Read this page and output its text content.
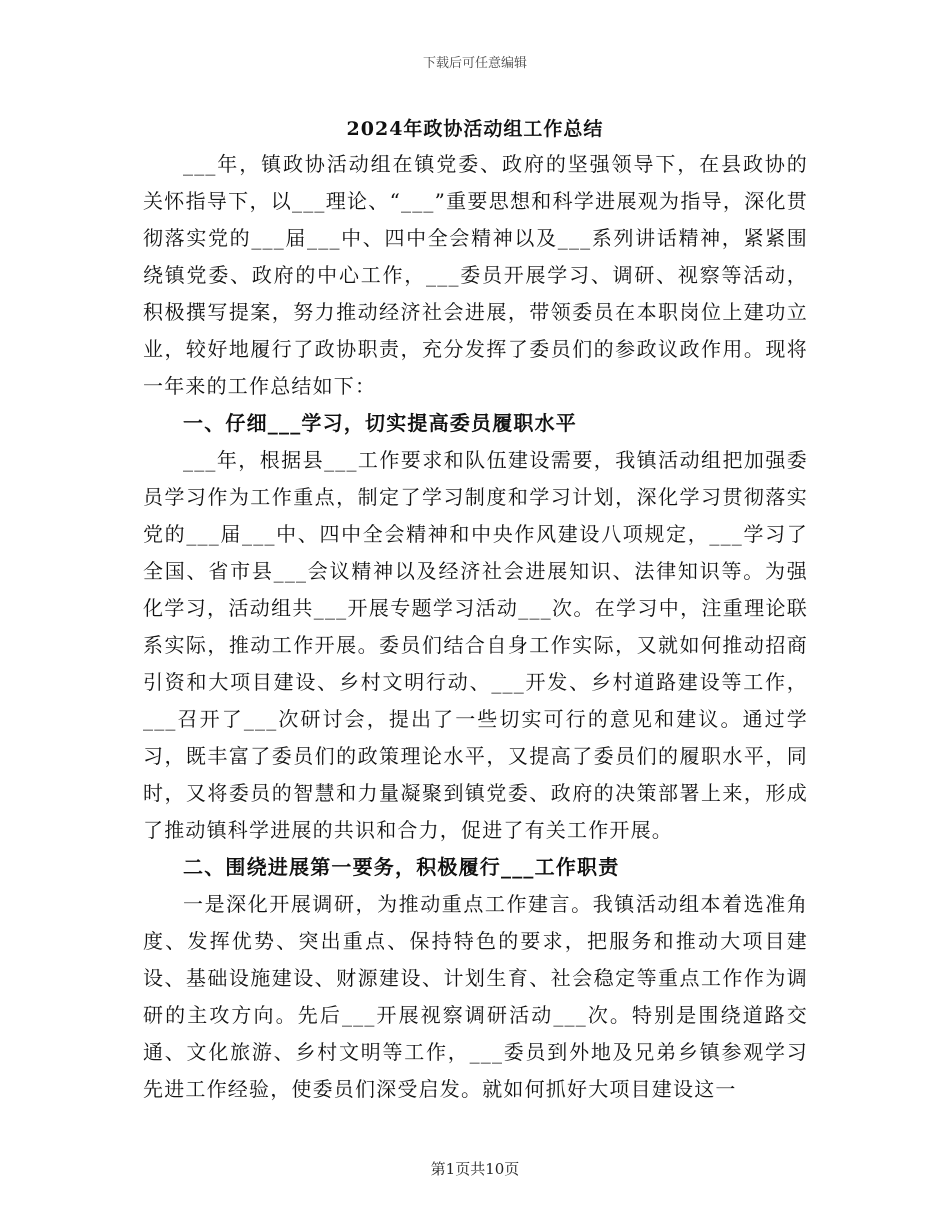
下载后可任意编辑
2024年政协活动组工作总结

___年，镇政协活动组在镇党委、政府的坚强领导下，在县政协的关怀指导下，以___理论、“___”重要思想和科学进展观为指导，深化贯彻落实党的___届___中、四中全会精神以及___系列讲话精神，紧紧围绕镇党委、政府的中心工作，___委员开展学习、调研、视察等活动，积极撰写提案，努力推动经济社会进展，带领委员在本职岗位上建功立业，较好地履行了政协职责，充分发挥了委员们的参政议政作用。现将一年来的工作总结如下：

一、仔细___学习，切实提高委员履职水平

___年，根据县___工作要求和队伍建设需要，我镇活动组把加强委员学习作为工作重点，制定了学习制度和学习计划，深化学习贯彻落实党的___届___中、四中全会精神和中央作风建设八项规定，___学习了全国、省市县___会议精神以及经济社会进展知识、法律知识等。为强化学习，活动组共___开展专题学习活动___次。在学习中，注重理论联系实际，推动工作开展。委员们结合自身工作实际，又就如何推动招商引资和大项目建设、乡村文明行动、___开发、乡村道路建设等工作，___召开了___次研讨会，提出了一些切实可行的意见和建议。通过学习，既丰富了委员们的政策理论水平，又提高了委员们的履职水平，同时，又将委员的智慧和力量凝聚到镇党委、政府的决策部署上来，形成了推动镇科学进展的共识和合力，促进了有关工作开展。

二、围绕进展第一要务，积极履行___工作职责

一是深化开展调研，为推动重点工作建言。我镇活动组本着选准角度、发挥优势、突出重点、保持特色的要求，把服务和推动大项目建设、基础设施建设、财源建设、计划生育、社会稳定等重点工作作为调研的主攻方向。先后___开展视察调研活动___次。特别是围绕道路交通、文化旅游、乡村文明等工作，___委员到外地及兄弟乡镇参观学习先进工作经验，使委员们深受启发。就如何抓好大项目建设这一

第1页共10页
